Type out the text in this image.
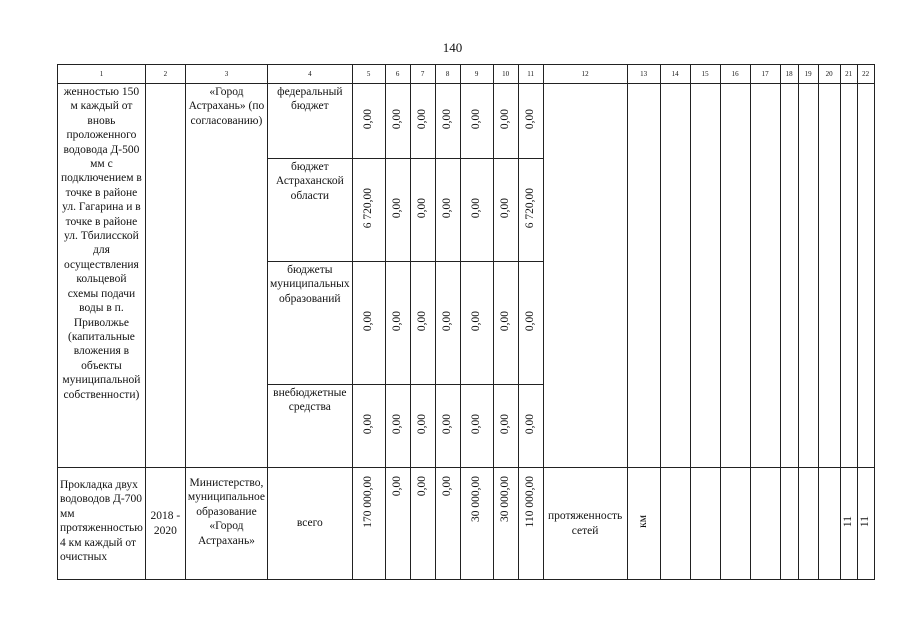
140
1	2	3	4	5	6	7	8	9	10	11	12	13	14	15	16	17	18	19	20	21	22
женностью 150 м каждый от вновь проложенного водовода Д-500 мм с подключением в точке в районе ул. Гагарина и в точке в районе ул. Тбилисской для осуществления кольцевой схемы подачи воды в п. Приволжье (капитальные вложения в объекты муниципальной собственности)		«Город Астрахань» (по согласованию)	федеральный бюджет	0,00	0,00	0,00	0,00	0,00	0,00	0,00											
			бюджет Астраханской области	6 720,00	0,00	0,00	0,00	0,00	0,00	6 720,00											
			бюджеты муниципальных образований	0,00	0,00	0,00	0,00	0,00	0,00	0,00											
			внебюджетные средства	0,00	0,00	0,00	0,00	0,00	0,00	0,00											
Прокладка двух водоводов Д-700 мм протяженностью 4 км каждый от очистных	2018 - 2020	Министерство, муниципальное образование «Город Астрахань»	всего	170 000,00	0,00	0,00	0,00	30 000,00	30 000,00	110 000,00	протяженность сетей	км								11	11
